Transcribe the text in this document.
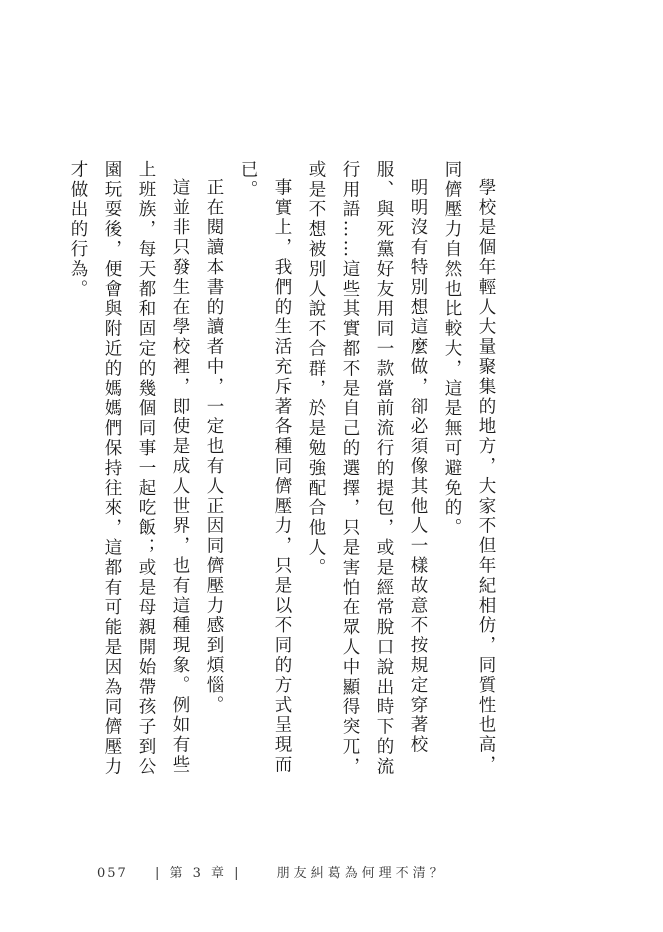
學校是個年輕人大量聚集的地方，大家不但年紀相仿，同質性也高，同儕壓力自然也比較大，這是無可避免的。

明明沒有特別想這麼做，卻必須像其他人一樣故意不按規定穿著校服、與死黨好友用同一款當前流行的提包，或是經常脫口說出時下的流行用語……這些其實都不是自己的選擇，只是害怕在眾人中顯得突兀，或是不想被別人說不合群，於是勉強配合他人。

事實上，我們的生活充斥著各種同儕壓力，只是以不同的方式呈現而已。

正在閱讀本書的讀者中，一定也有人正因同儕壓力感到煩惱。

這並非只發生在學校裡，即使是成人世界，也有這種現象。例如有些上班族，每天都和固定的幾個同事一起吃飯；或是母親開始帶孩子到公園玩耍後，便會與附近的媽媽們保持往來，這都有可能是因為同儕壓力才做出的行為。

057 | 第 3 章 |	朋友糾葛為何理不清？
